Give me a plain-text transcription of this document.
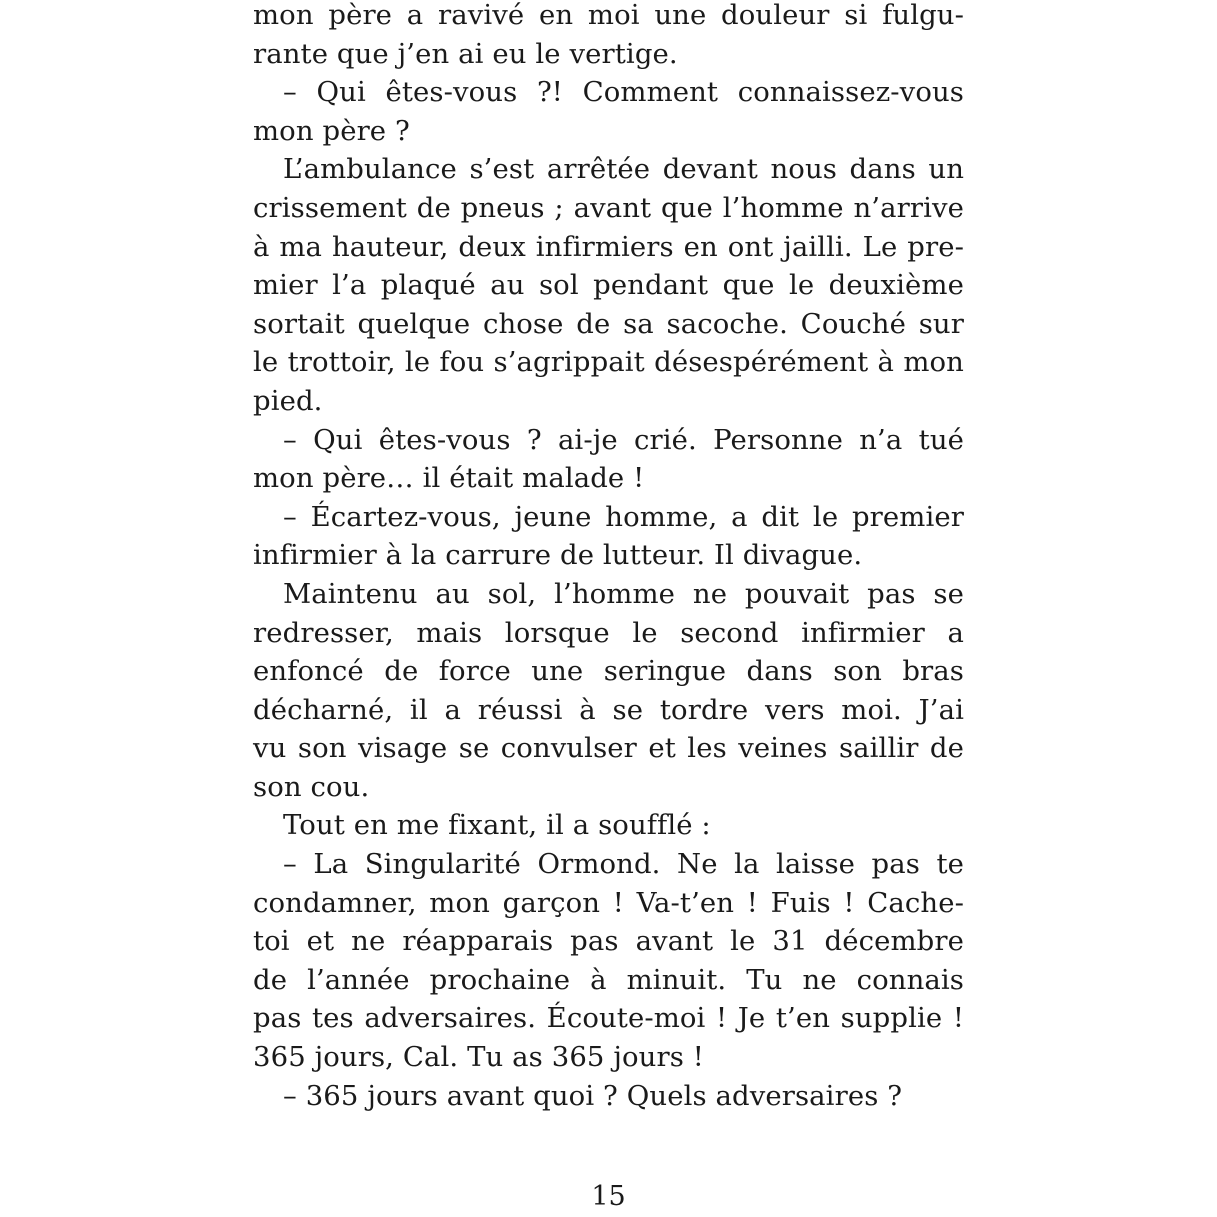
mon père a ravivé en moi une douleur si fulgu-
rante que j’en ai eu le vertige.
– Qui êtes-vous ?! Comment connaissez-vous
mon père ?
L’ambulance s’est arrêtée devant nous dans un
crissement de pneus ; avant que l’homme n’arrive
à ma hauteur, deux infirmiers en ont jailli. Le pre-
mier l’a plaqué au sol pendant que le deuxième
sortait quelque chose de sa sacoche. Couché sur
le trottoir, le fou s’agrippait désespérément à mon
pied.
– Qui êtes-vous ? ai-je crié. Personne n’a tué
mon père… il était malade !
– Écartez-vous, jeune homme, a dit le premier
infirmier à la carrure de lutteur. Il divague.
Maintenu au sol, l’homme ne pouvait pas se
redresser, mais lorsque le second infirmier a
enfoncé de force une seringue dans son bras
décharné, il a réussi à se tordre vers moi. J’ai
vu son visage se convulser et les veines saillir de
son cou.
Tout en me fixant, il a soufflé :
– La Singularité Ormond. Ne la laisse pas te
condamner, mon garçon ! Va-t’en ! Fuis ! Cache-
toi et ne réapparais pas avant le 31 décembre
de l’année prochaine à minuit. Tu ne connais
pas tes adversaires. Écoute-moi ! Je t’en supplie !
365 jours, Cal. Tu as 365 jours !
– 365 jours avant quoi ? Quels adversaires ?
15
